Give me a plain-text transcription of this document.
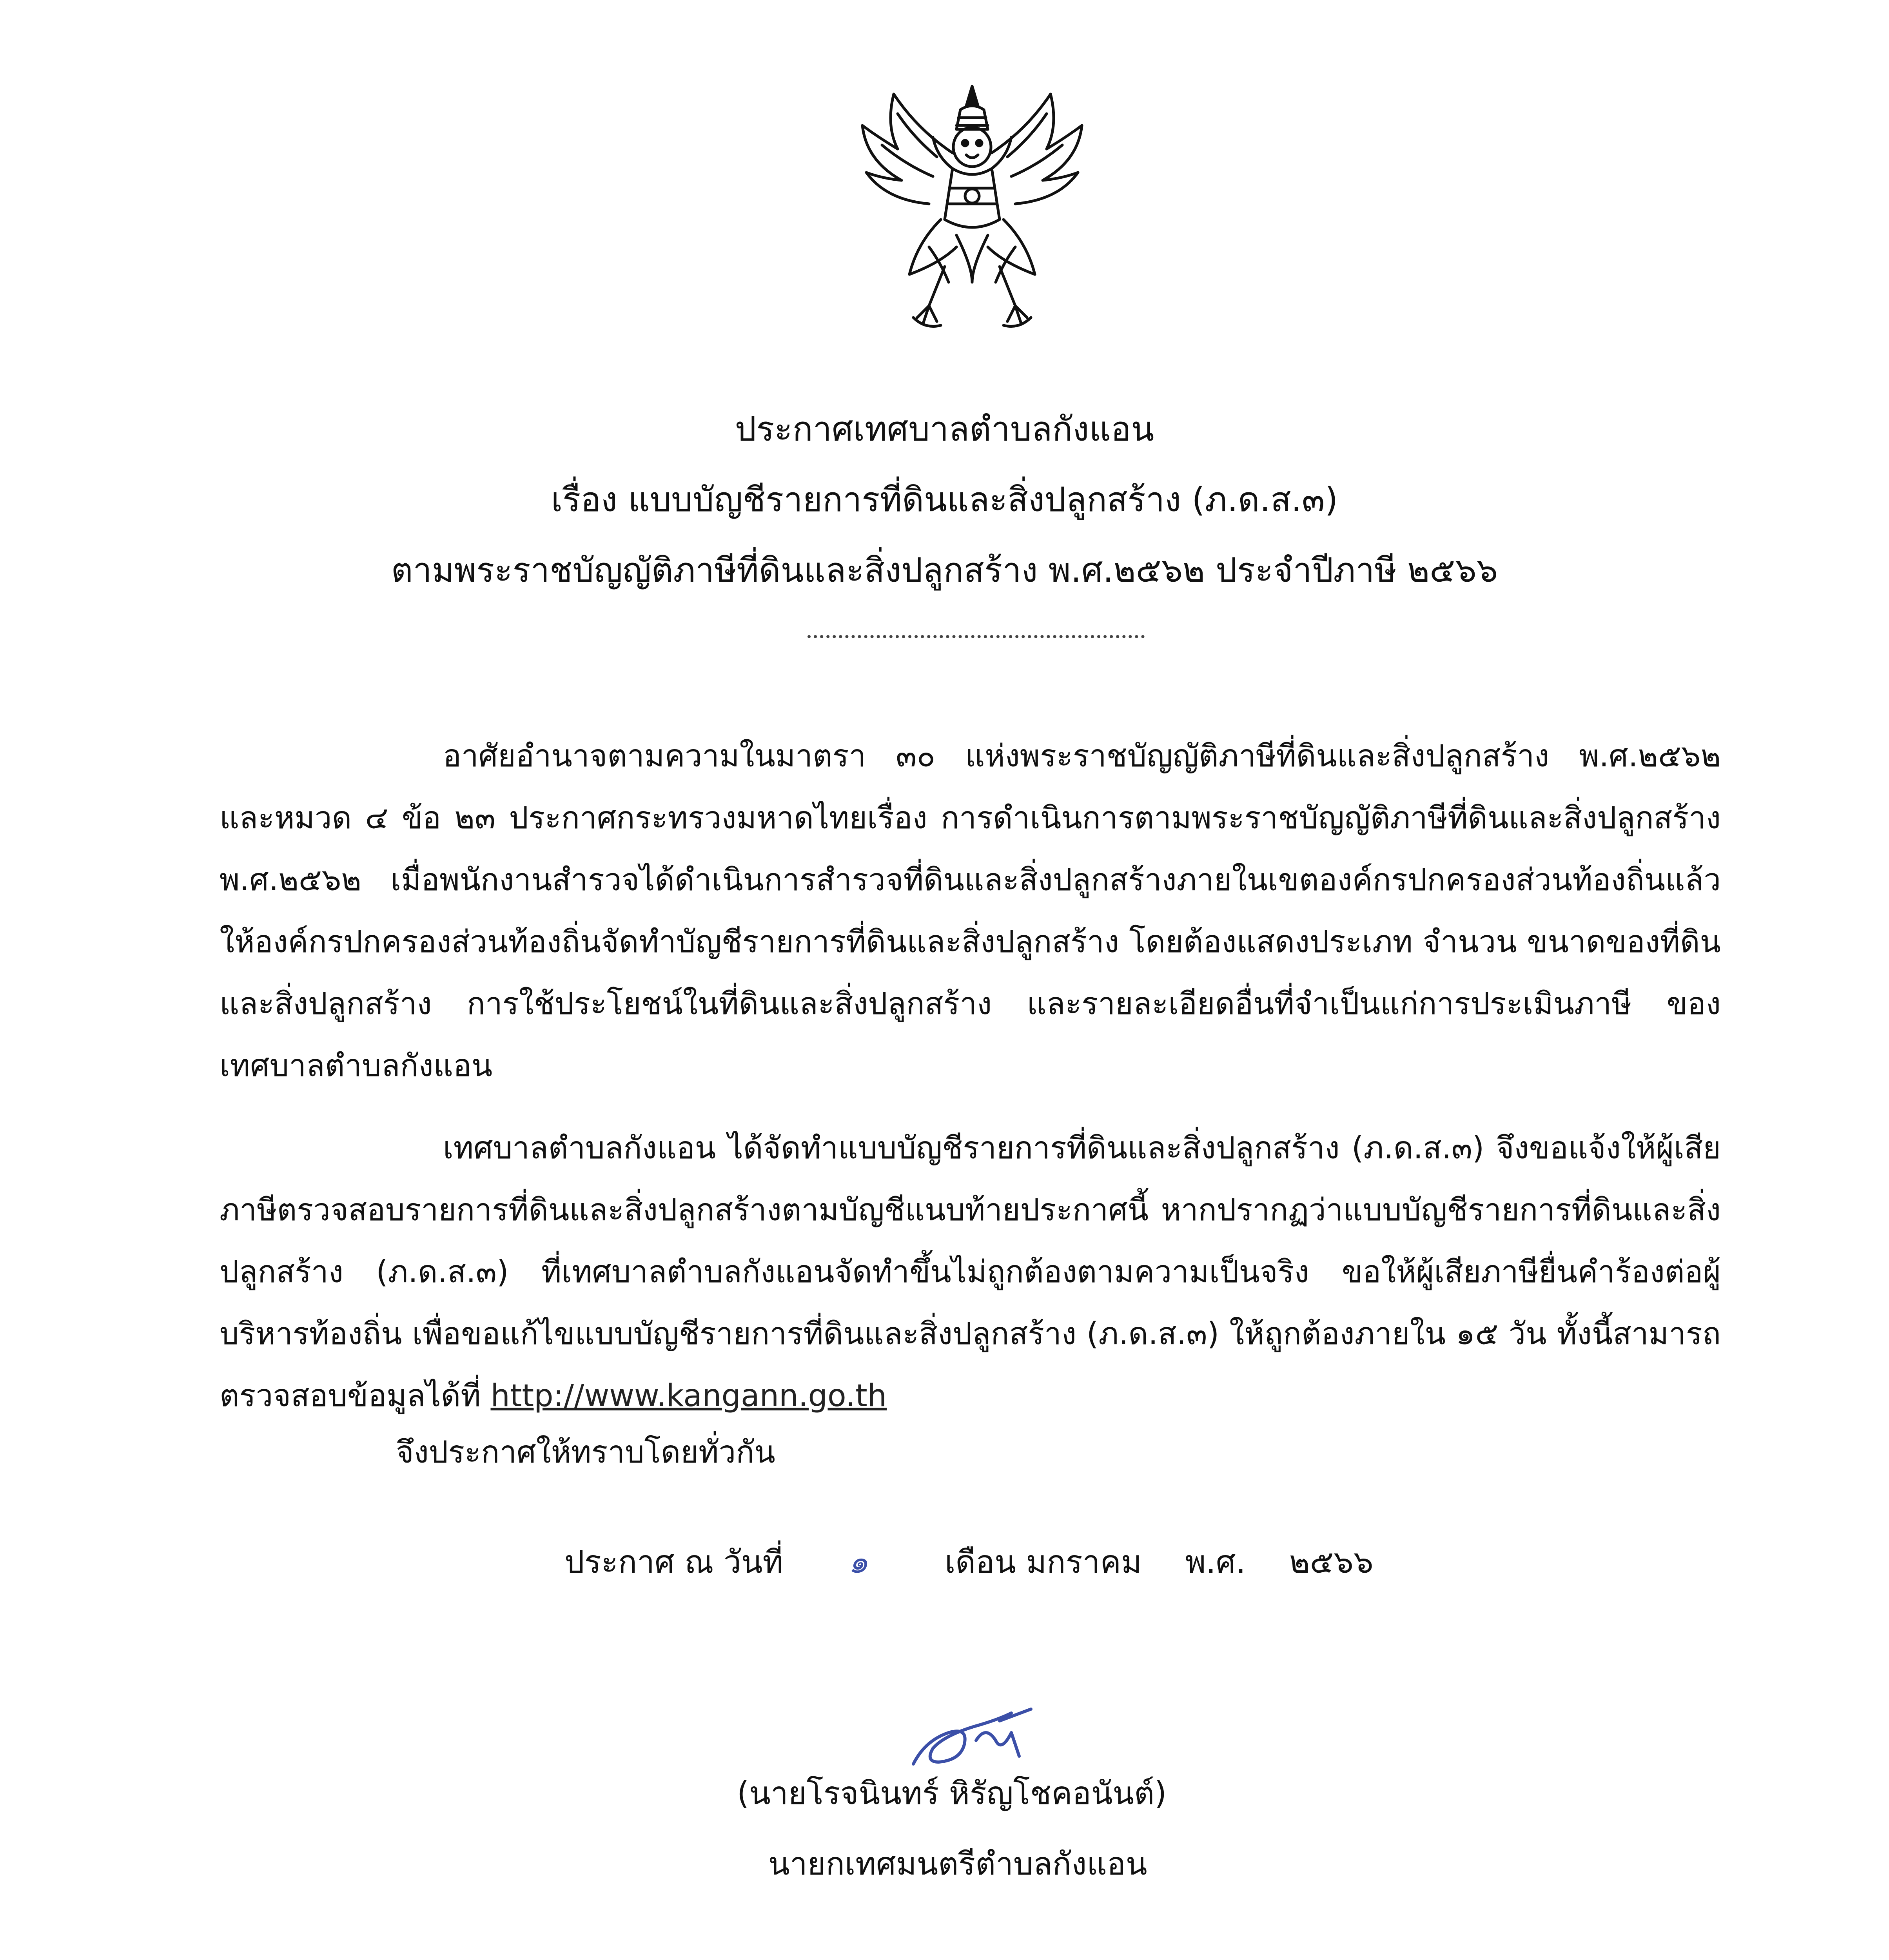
ประกาศเทศบาลตำบลกังแอน
เรื่อง แบบบัญชีรายการที่ดินและสิ่งปลูกสร้าง (ภ.ด.ส.๓)
ตามพระราชบัญญัติภาษีที่ดินและสิ่งปลูกสร้าง พ.ศ.๒๕๖๒ ประจำปีภาษี ๒๕๖๖
อาศัยอำนาจตามความในมาตรา ๓๐ แห่งพระราชบัญญัติภาษีที่ดินและสิ่งปลูกสร้าง พ.ศ.๒๕๖๒ และหมวด ๔ ข้อ ๒๓ ประกาศกระทรวงมหาดไทยเรื่อง การดำเนินการตามพระราชบัญญัติภาษีที่ดินและสิ่งปลูกสร้าง พ.ศ.๒๕๖๒ เมื่อพนักงานสำรวจได้ดำเนินการสำรวจที่ดินและสิ่งปลูกสร้างภายในเขตองค์กรปกครองส่วนท้องถิ่นแล้ว ให้องค์กรปกครองส่วนท้องถิ่นจัดทำบัญชีรายการที่ดินและสิ่งปลูกสร้าง โดยต้องแสดงประเภท จำนวน ขนาดของที่ดินและสิ่งปลูกสร้าง การใช้ประโยชน์ในที่ดินและสิ่งปลูกสร้าง และรายละเอียดอื่นที่จำเป็นแก่การประเมินภาษี ของเทศบาลตำบลกังแอน
เทศบาลตำบลกังแอน ได้จัดทำแบบบัญชีรายการที่ดินและสิ่งปลูกสร้าง (ภ.ด.ส.๓) จึงขอแจ้งให้ผู้เสียภาษีตรวจสอบรายการที่ดินและสิ่งปลูกสร้างตามบัญชีแนบท้ายประกาศนี้ หากปรากฏว่าแบบบัญชีรายการที่ดินและสิ่งปลูกสร้าง (ภ.ด.ส.๓) ที่เทศบาลตำบลกังแอนจัดทำขึ้นไม่ถูกต้องตามความเป็นจริง ขอให้ผู้เสียภาษียื่นคำร้องต่อผู้บริหารท้องถิ่น เพื่อขอแก้ไขแบบบัญชีรายการที่ดินและสิ่งปลูกสร้าง (ภ.ด.ส.๓) ให้ถูกต้องภายใน ๑๕ วัน ทั้งนี้สามารถตรวจสอบข้อมูลได้ที่ http://www.kangann.go.th
จึงประกาศให้ทราบโดยทั่วกัน
ประกาศ ณ วันที่ ๑ เดือน มกราคม พ.ศ. ๒๕๖๖
(นายโรจนินทร์ หิรัญโชคอนันต์)
นายกเทศมนตรีตำบลกังแอน
